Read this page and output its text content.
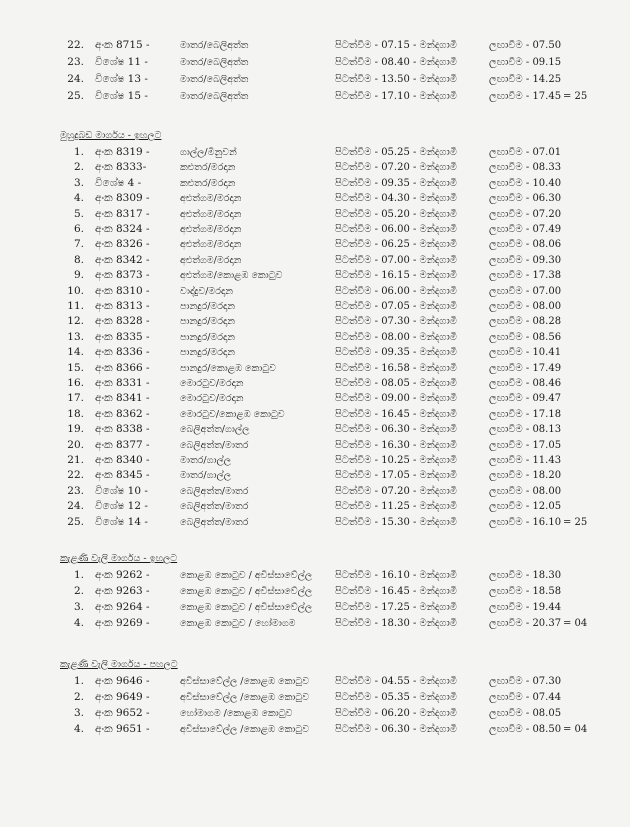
22. අංක 8715 -	මාතර/බෙලිඅත්ත	පිටත්වීම - 07.15 - මන්දගාමී	ලඟාවීම - 07.50
23. විශේෂ 11 -	මාතර/බෙලිඅත්ත	පිටත්වීම - 08.40 - මන්දගාමී	ලඟාවීම - 09.15
24. විශේෂ 13 -	මාතර/බෙලිඅත්ත	පිටත්වීම - 13.50 - මන්දගාමී	ලඟාවීම - 14.25
25. විශේෂ 15 -	මාතර/බෙලිඅත්ත	පිටත්වීම - 17.10 - මන්දගාමී	ලඟාවීම - 17.45 = 25
මුහුදුබඩ මාර්ගය - ඉහලට
1. අංක 8319 -	ගාල්ල/මිනුවන්	පිටත්වීම - 05.25 - මන්දගාමී	ලඟාවීම - 07.01
2. අංක 8333-	කළුතර/මරදාන	පිටත්වීම - 07.20 - මන්දගාමී	ලඟාවීම - 08.33
3. විශේෂ 4 -	කළුතර/මරදාන	පිටත්වීම - 09.35 - මන්දගාමී	ලඟාවීම - 10.40
4. අංක 8309 -	අළුත්ගම/මරදාන	පිටත්වීම - 04.30 - මන්දගාමී	ලඟාවීම - 06.30
5. අංක 8317 -	අළුත්ගම/මරදාන	පිටත්වීම - 05.20 - මන්දගාමී	ලඟාවීම - 07.20
6. අංක 8324 -	අළුත්ගම/මරදාන	පිටත්වීම - 06.00 - මන්දගාමී	ලඟාවීම - 07.49
7. අංක 8326 -	අළුත්ගම/මරදාන	පිටත්වීම - 06.25 - මන්දගාමී	ලඟාවීම - 08.06
8. අංක 8342 -	අළුත්ගම/මරදාන	පිටත්වීම - 07.00 - මන්දගාමී	ලඟාවීම - 09.30
9. අංක 8373 -	අළුත්ගම/කොළඹ කොටුව	පිටත්වීම - 16.15 - මන්දගාමී	ලඟාවීම - 17.38
10. අංක 8310 -	වාද්දුව/මරදාන	පිටත්වීම - 06.00 - මන්දගාමී	ලඟාවීම - 07.00
11. අංක 8313 -	පානදුර/මරදාන	පිටත්වීම - 07.05 - මන්දගාමී	ලඟාවීම - 08.00
12. අංක 8328 -	පානදුර/මරදාන	පිටත්වීම - 07.30 - මන්දගාමී	ලඟාවීම - 08.28
13. අංක 8335 -	පානදුර/මරදාන	පිටත්වීම - 08.00 - මන්දගාමී	ලඟාවීම - 08.56
14. අංක 8336 -	පානදුර/මරදාන	පිටත්වීම - 09.35 - මන්දගාමී	ලඟාවීම - 10.41
15. අංක 8366 -	පානදුර/කොළඹ කොටුව	පිටත්වීම - 16.58 - මන්දගාමී	ලඟාවීම - 17.49
16. අංක 8331 -	මොරටුව/මරදාන	පිටත්වීම - 08.05 - මන්දගාමී	ලඟාවීම - 08.46
17. අංක 8341 -	මොරටුව/මරදාන	පිටත්වීම - 09.00 - මන්දගාමී	ලඟාවීම - 09.47
18. අංක 8362 -	මොරටුව/කොළඹ කොටුව	පිටත්වීම - 16.45 - මන්දගාමී	ලඟාවීම - 17.18
19. අංක 8338 -	බෙලිඅත්ත/ගාල්ල	පිටත්වීම - 06.30 - මන්දගාමී	ලඟාවීම - 08.13
20. අංක 8377 -	බෙලිඅත්ත/මාතර	පිටත්වීම - 16.30 - මන්දගාමී	ලඟාවීම - 17.05
21. අංක 8340 -	මාතර/ගාල්ල	පිටත්වීම - 10.25 - මන්දගාමී	ලඟාවීම - 11.43
22. අංක 8345 -	මාතර/ගාල්ල	පිටත්වීම - 17.05 - මන්දගාමී	ලඟාවීම - 18.20
23. විශේෂ 10 -	බෙලිඅත්ත/මාතර	පිටත්වීම - 07.20 - මන්දගාමී	ලඟාවීම - 08.00
24. විශේෂ 12 -	බෙලිඅත්ත/මාතර	පිටත්වීම - 11.25 - මන්දගාමී	ලඟාවීම - 12.05
25. විශේෂ 14 -	බෙලිඅත්ත/මාතර	පිටත්වීම - 15.30 - මන්දගාමී	ලඟාවීම - 16.10 = 25
කැළණි වැලි මාර්ගය - ඉහලට
1. අංක 9262 -	කොළඹ කොටුව / අවිස්සාවේල්ල පිටත්වීම - 16.10 - මන්දගාමී	ලඟාවීම - 18.30
2. අංක 9263 -	කොළඹ කොටුව / අවිස්සාවේල්ල පිටත්වීම - 16.45 - මන්දගාමී	ලඟාවීම - 18.58
3. අංක 9264 -	කොළඹ කොටුව / අවිස්සාවේල්ල පිටත්වීම - 17.25 - මන්දගාමී	ලඟාවීම - 19.44
4. අංක 9269 -	කොළඹ කොටුව / හෝමාගම	පිටත්වීම - 18.30 - මන්දගාමී	ලඟාවීම - 20.37 = 04
කැළණි වැලි මාර්ගය - පහලට
1. අංක 9646 -	අවිස්සාවේල්ල /කොළඹ කොටුව	පිටත්වීම - 04.55 - මන්දගාමී	ලඟාවීම - 07.30
2. අංක 9649 -	අවිස්සාවේල්ල /කොළඹ කොටුව	පිටත්වීම - 05.35 - මන්දගාමී	ලඟාවීම - 07.44
3. අංක 9652 -	හෝමාගම /කොළඹ කොටුව	පිටත්වීම - 06.20 - මන්දගාමී	ලඟාවීම - 08.05
4. අංක 9651 -	අවිස්සාවේල්ල /කොළඹ කොටුව	පිටත්වීම - 06.30 - මන්දගාමී	ලඟාවීම - 08.50 = 04
